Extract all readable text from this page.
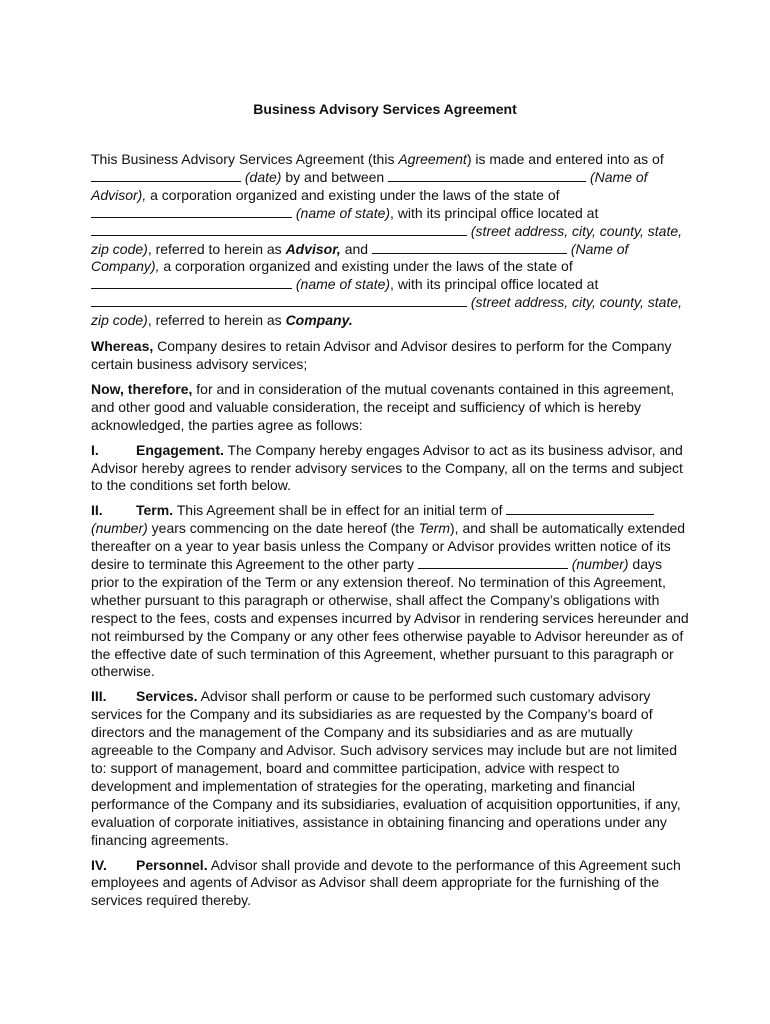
Business Advisory Services Agreement

This Business Advisory Services Agreement (this Agreement) is made and entered into as of  (date) by and between	(Name of Advisor), a corporation organized and existing under the laws of the state of  (name of state), with its principal office located at  (street address, city, county, state, zip code), referred to herein as Advisor, and	(Name of Company), a corporation organized and existing under the laws of the state of  (name of state), with its principal office located at  (street address, city, county, state, zip code), referred to herein as Company.

Whereas, Company desires to retain Advisor and Advisor desires to perform for the Company certain business advisory services;

Now, therefore, for and in consideration of the mutual covenants contained in this agreement, and other good and valuable consideration, the receipt and sufficiency of which is hereby acknowledged, the parties agree as follows:

I.	Engagement. The Company hereby engages Advisor to act as its business advisor, and Advisor hereby agrees to render advisory services to the Company, all on the terms and subject to the conditions set forth below.

II. Term. This Agreement shall be in effect for an initial term of  (number) years commencing on the date hereof (the Term), and shall be automatically extended thereafter on a year to year basis unless the Company or Advisor provides written notice of its desire to terminate this Agreement to the other party	(number) days prior to the expiration of the Term or any extension thereof. No termination of this Agreement, whether pursuant to this paragraph or otherwise, shall affect the Company’s obligations with respect to the fees, costs and expenses incurred by Advisor in rendering services hereunder and not reimbursed by the Company or any other fees otherwise payable to Advisor hereunder as of the effective date of such termination of this Agreement, whether pursuant to this paragraph or otherwise.

III. Services. Advisor shall perform or cause to be performed such customary advisory services for the Company and its subsidiaries as are requested by the Company’s board of directors and the management of the Company and its subsidiaries and as are mutually agreeable to the Company and Advisor. Such advisory services may include but are not limited to: support of management, board and committee participation, advice with respect to development and implementation of strategies for the operating, marketing and financial performance of the Company and its subsidiaries, evaluation of acquisition opportunities, if any, evaluation of corporate initiatives, assistance in obtaining financing and operations under any financing agreements.

IV. Personnel. Advisor shall provide and devote to the performance of this Agreement such employees and agents of Advisor as Advisor shall deem appropriate for the furnishing of the services required thereby.
